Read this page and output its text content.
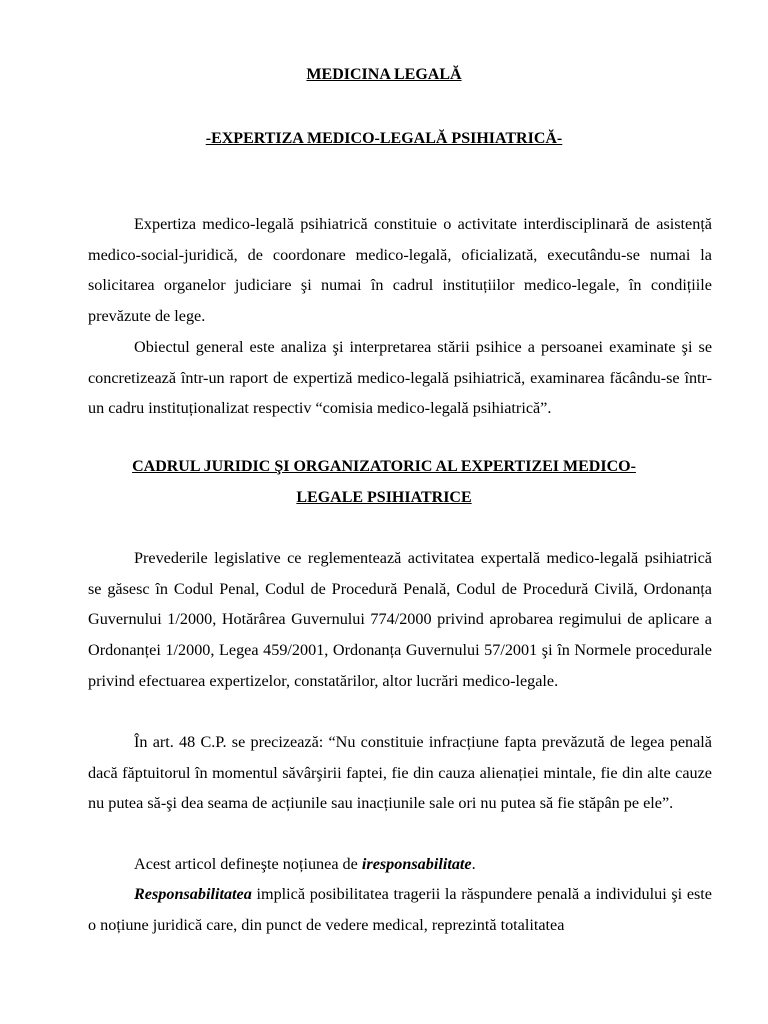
MEDICINA LEGALĂ
-EXPERTIZA MEDICO-LEGALĂ PSIHIATRICĂ-

Expertiza medico-legală psihiatrică constituie o activitate interdisciplinară de asistență medico-social-juridică, de coordonare medico-legală, oficializată, executându-se numai la solicitarea organelor judiciare şi numai în cadrul instituțiilor medico-legale, în condițiile prevăzute de lege.

Obiectul general este analiza şi interpretarea stării psihice a persoanei examinate şi se concretizează într-un raport de expertiză medico-legală psihiatrică, examinarea făcându-se într-un cadru instituționalizat respectiv “comisia medico-legală psihiatrică”.

CADRUL JURIDIC ŞI ORGANIZATORIC AL EXPERTIZEI MEDICO-
LEGALE PSIHIATRICE

Prevederile legislative ce reglementează activitatea expertală medico-legală psihiatrică se găsesc în Codul Penal, Codul de Procedură Penală, Codul de Procedură Civilă, Ordonanța Guvernului 1/2000, Hotărârea Guvernului 774/2000 privind aprobarea regimului de aplicare a Ordonanței 1/2000, Legea 459/2001, Ordonanța Guvernului 57/2001 şi în Normele procedurale privind efectuarea expertizelor, constatărilor, altor lucrări medico-legale.

În art. 48 C.P. se precizează: “Nu constituie infracțiune fapta prevăzută de legea penală dacă făptuitorul în momentul săvârşirii faptei, fie din cauza alienației mintale, fie din alte cauze nu putea să-şi dea seama de acțiunile sau inacțiunile sale ori nu putea să fie stăpân pe ele”.

Acest articol defineşte noțiunea de iresponsabilitate.

Responsabilitatea implică posibilitatea tragerii la răspundere penală a individului şi este o noțiune juridică care, din punct de vedere medical, reprezintă totalitatea
